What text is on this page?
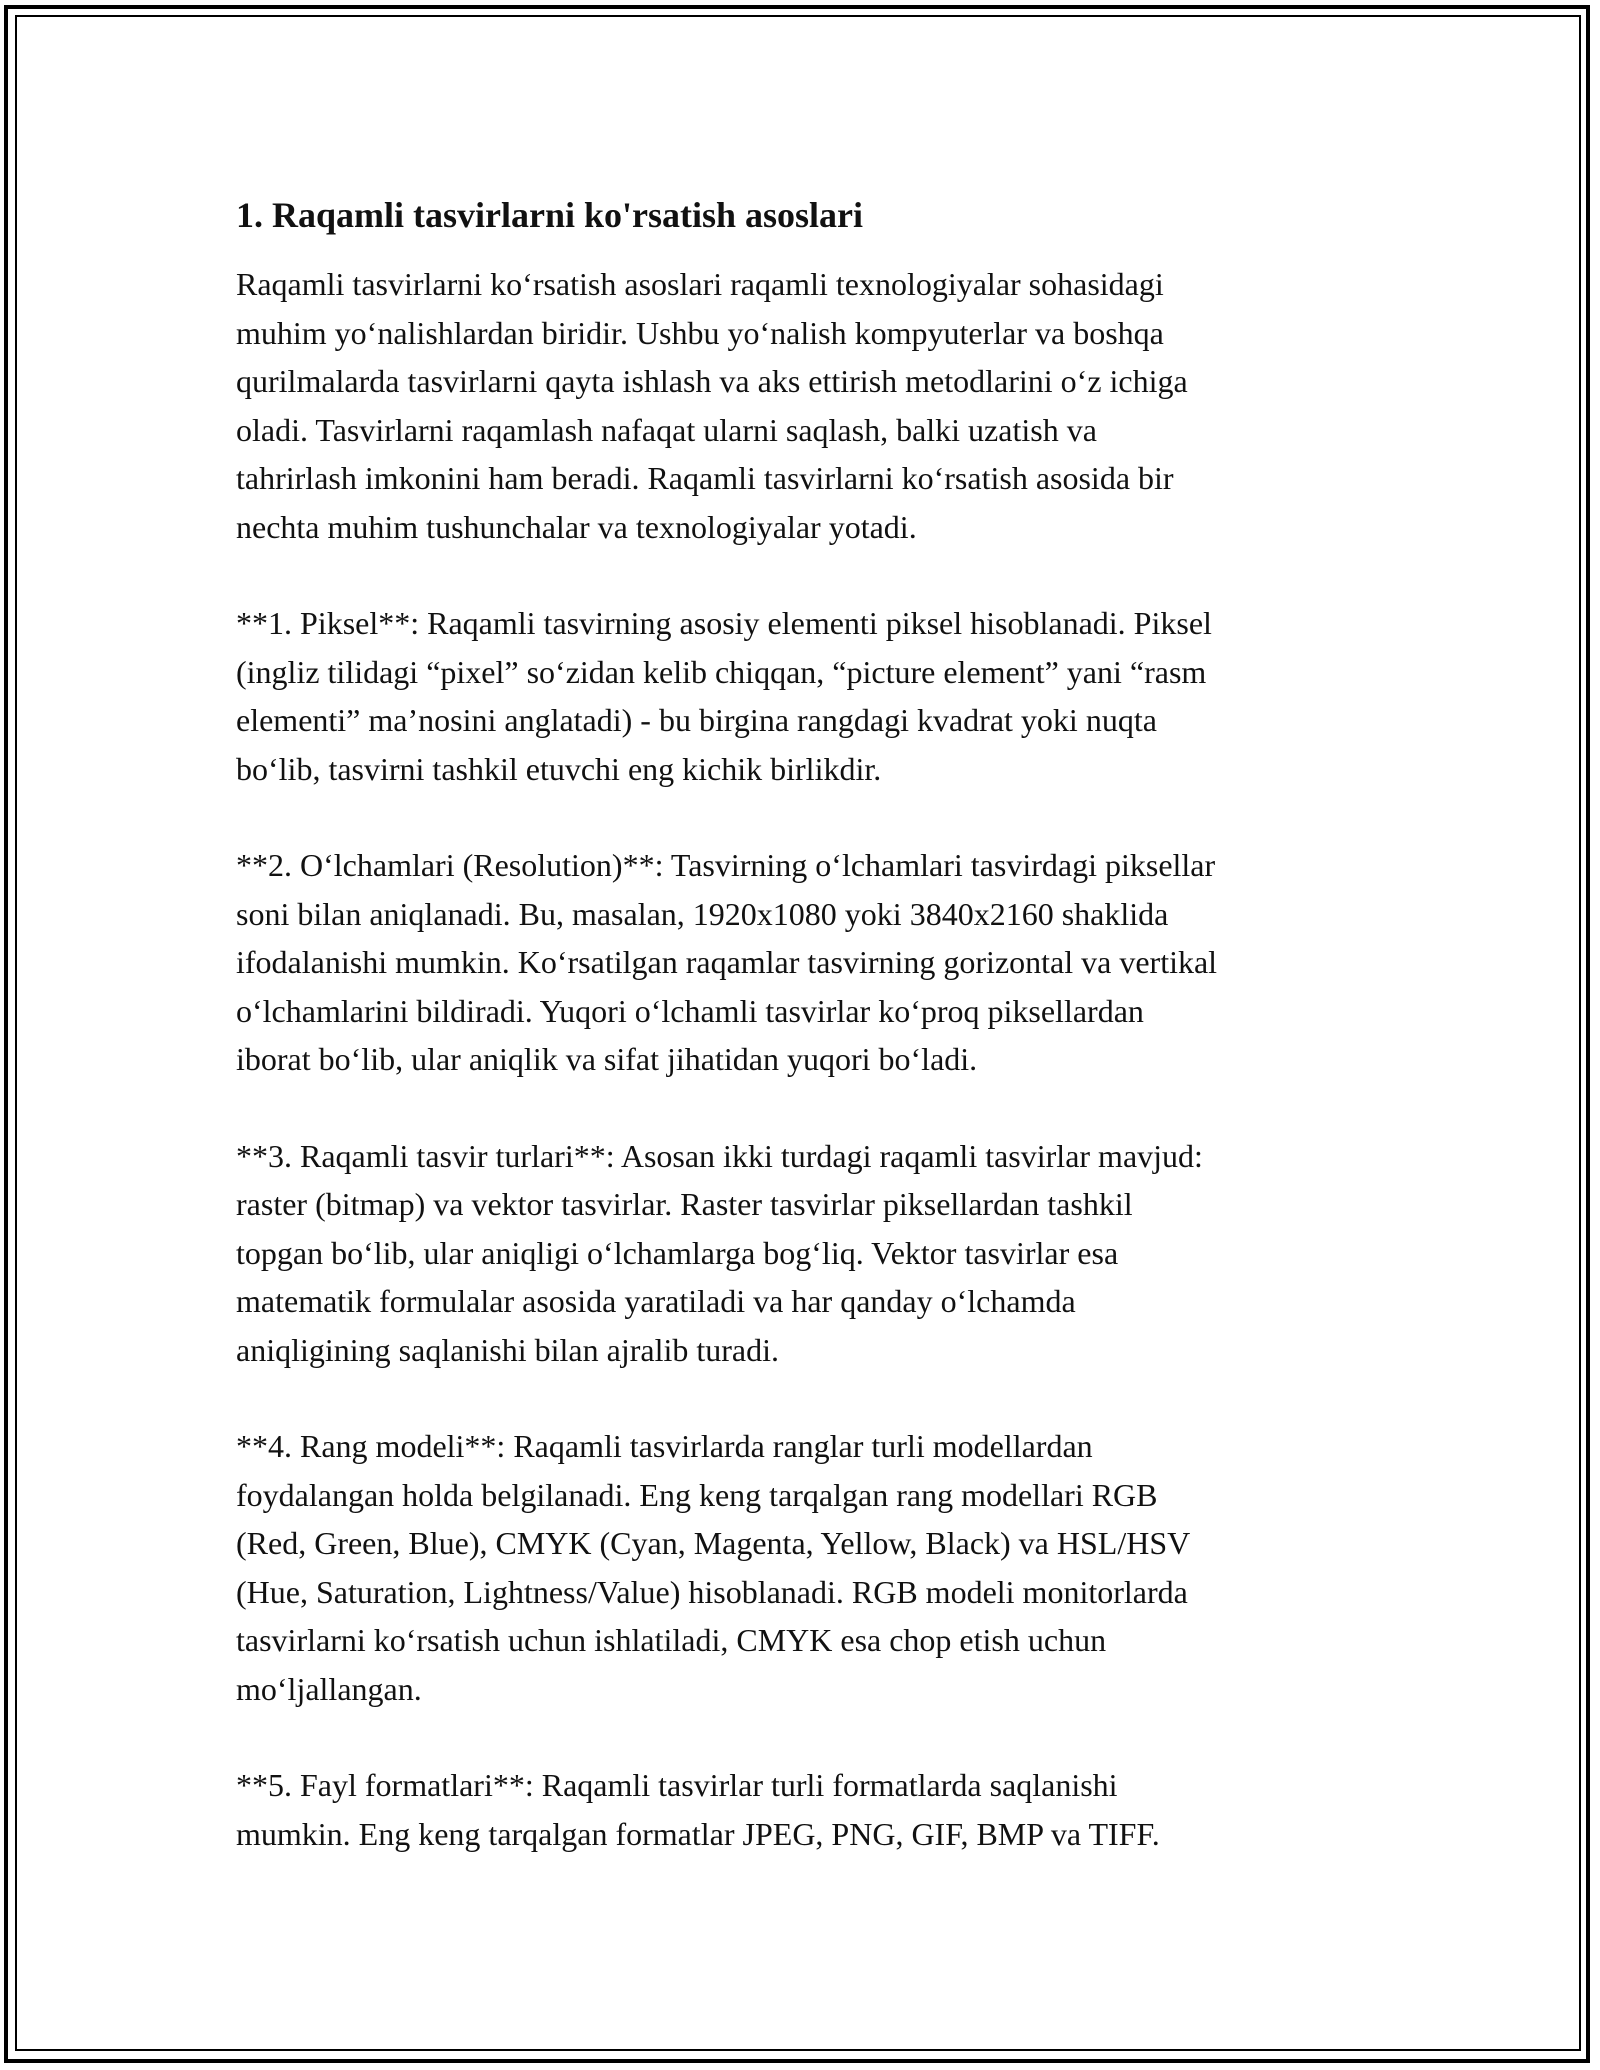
1. Raqamli tasvirlarni ko'rsatish asoslari

Raqamli tasvirlarni ko‘rsatish asoslari raqamli texnologiyalar sohasidagi
muhim yo‘nalishlardan biridir. Ushbu yo‘nalish kompyuterlar va boshqa
qurilmalarda tasvirlarni qayta ishlash va aks ettirish metodlarini o‘z ichiga
oladi. Tasvirlarni raqamlash nafaqat ularni saqlash, balki uzatish va
tahrirlash imkonini ham beradi. Raqamli tasvirlarni ko‘rsatish asosida bir
nechta muhim tushunchalar va texnologiyalar yotadi.

**1. Piksel**: Raqamli tasvirning asosiy elementi piksel hisoblanadi. Piksel
(ingliz tilidagi “pixel” so‘zidan kelib chiqqan, “picture element” yani “rasm
elementi” ma’nosini anglatadi) - bu birgina rangdagi kvadrat yoki nuqta
bo‘lib, tasvirni tashkil etuvchi eng kichik birlikdir.

**2. O‘lchamlari (Resolution)**: Tasvirning o‘lchamlari tasvirdagi piksellar
soni bilan aniqlanadi. Bu, masalan, 1920x1080 yoki 3840x2160 shaklida
ifodalanishi mumkin. Ko‘rsatilgan raqamlar tasvirning gorizontal va vertikal
o‘lchamlarini bildiradi. Yuqori o‘lchamli tasvirlar ko‘proq piksellardan
iborat bo‘lib, ular aniqlik va sifat jihatidan yuqori bo‘ladi.

**3. Raqamli tasvir turlari**: Asosan ikki turdagi raqamli tasvirlar mavjud:
raster (bitmap) va vektor tasvirlar. Raster tasvirlar piksellardan tashkil
topgan bo‘lib, ular aniqligi o‘lchamlarga bog‘liq. Vektor tasvirlar esa
matematik formulalar asosida yaratiladi va har qanday o‘lchamda
aniqligining saqlanishi bilan ajralib turadi.

**4. Rang modeli**: Raqamli tasvirlarda ranglar turli modellardan
foydalangan holda belgilanadi. Eng keng tarqalgan rang modellari RGB
(Red, Green, Blue), CMYK (Cyan, Magenta, Yellow, Black) va HSL/HSV
(Hue, Saturation, Lightness/Value) hisoblanadi. RGB modeli monitorlarda
tasvirlarni ko‘rsatish uchun ishlatiladi, CMYK esa chop etish uchun
mo‘ljallangan.

**5. Fayl formatlari**: Raqamli tasvirlar turli formatlarda saqlanishi
mumkin. Eng keng tarqalgan formatlar JPEG, PNG, GIF, BMP va TIFF.
